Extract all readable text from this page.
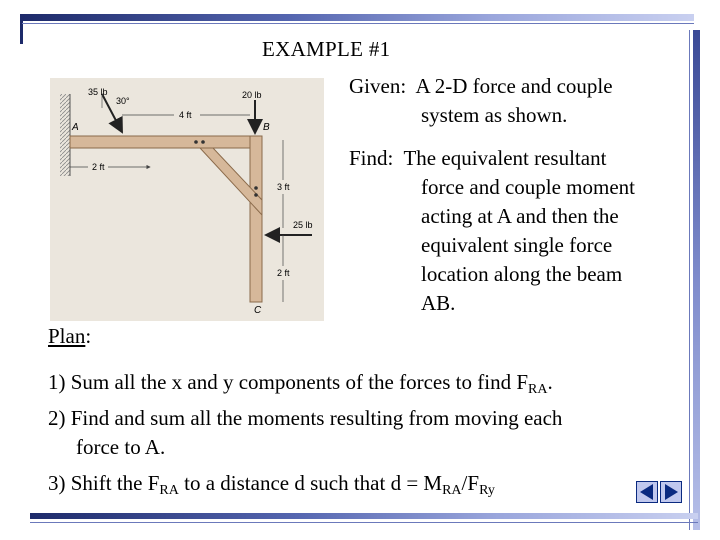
EXAMPLE #1
Given: A 2-D force and couple
system as shown.
Find: The equivalent resultant
force and couple moment
acting at A and then the
equivalent single force
location along the beam
AB.
35 lb
30°
20 lb
4 ft
A	B
C
2 ft
3 ft
25 lb
2 ft
Plan:
1) Sum all the x and y components of the forces to find $F_{RA}$.
2) Find and sum all the moments resulting from moving each
force to A.
3) Shift the $F_{RA}$ to a distance d such that $d = M_{RA}/F_{Ry}$
